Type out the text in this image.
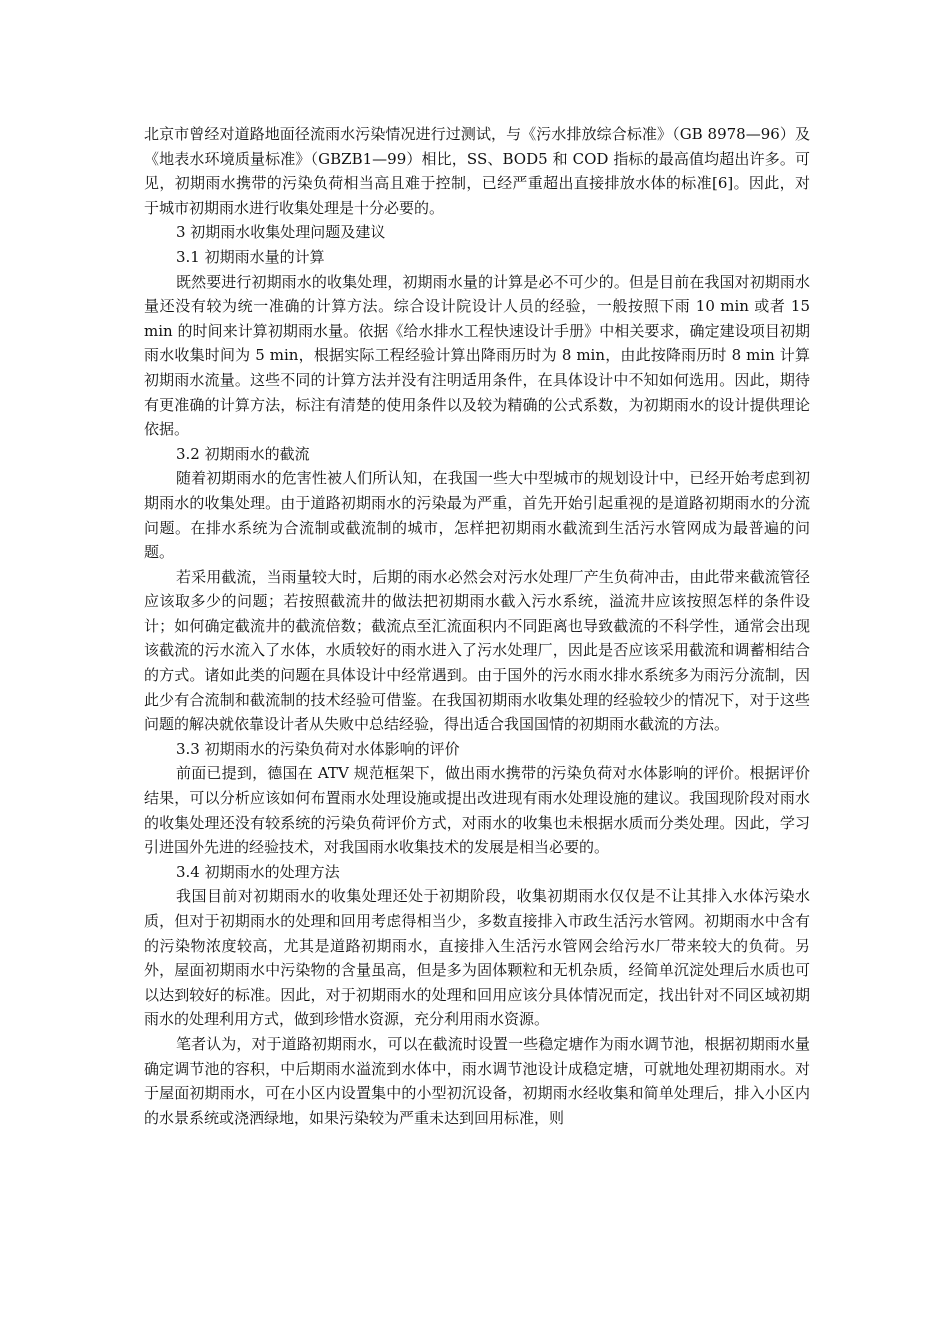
北京市曾经对道路地面径流雨水污染情况进行过测试，与《污水排放综合标准》（GB 8978—96）及《地表水环境质量标准》（GBZB1—99）相比，SS、BOD5 和 COD 指标的最高值均超出许多。可见，初期雨水携带的污染负荷相当高且难于控制，已经严重超出直接排放水体的标准[6]。因此，对于城市初期雨水进行收集处理是十分必要的。

3 初期雨水收集处理问题及建议

3.1 初期雨水量的计算

既然要进行初期雨水的收集处理，初期雨水量的计算是必不可少的。但是目前在我国对初期雨水量还没有较为统一准确的计算方法。综合设计院设计人员的经验，一般按照下雨 10 min 或者 15 min 的时间来计算初期雨水量。依据《给水排水工程快速设计手册》中相关要求，确定建设项目初期雨水收集时间为 5 min，根据实际工程经验计算出降雨历时为 8 min，由此按降雨历时 8 min 计算初期雨水流量。这些不同的计算方法并没有注明适用条件，在具体设计中不知如何选用。因此，期待有更准确的计算方法，标注有清楚的使用条件以及较为精确的公式系数，为初期雨水的设计提供理论依据。

3.2 初期雨水的截流

随着初期雨水的危害性被人们所认知，在我国一些大中型城市的规划设计中，已经开始考虑到初期雨水的收集处理。由于道路初期雨水的污染最为严重，首先开始引起重视的是道路初期雨水的分流问题。在排水系统为合流制或截流制的城市，怎样把初期雨水截流到生活污水管网成为最普遍的问题。

若采用截流，当雨量较大时，后期的雨水必然会对污水处理厂产生负荷冲击，由此带来截流管径应该取多少的问题；若按照截流井的做法把初期雨水截入污水系统，溢流井应该按照怎样的条件设计；如何确定截流井的截流倍数；截流点至汇流面积内不同距离也导致截流的不科学性，通常会出现该截流的污水流入了水体，水质较好的雨水进入了污水处理厂，因此是否应该采用截流和调蓄相结合的方式。诸如此类的问题在具体设计中经常遇到。由于国外的污水雨水排水系统多为雨污分流制，因此少有合流制和截流制的技术经验可借鉴。在我国初期雨水收集处理的经验较少的情况下，对于这些问题的解决就依靠设计者从失败中总结经验，得出适合我国国情的初期雨水截流的方法。

3.3 初期雨水的污染负荷对水体影响的评价

前面已提到，德国在 ATV 规范框架下，做出雨水携带的污染负荷对水体影响的评价。根据评价结果，可以分析应该如何布置雨水处理设施或提出改进现有雨水处理设施的建议。我国现阶段对雨水的收集处理还没有较系统的污染负荷评价方式，对雨水的收集也未根据水质而分类处理。因此，学习引进国外先进的经验技术，对我国雨水收集技术的发展是相当必要的。

3.4 初期雨水的处理方法

我国目前对初期雨水的收集处理还处于初期阶段，收集初期雨水仅仅是不让其排入水体污染水质，但对于初期雨水的处理和回用考虑得相当少，多数直接排入市政生活污水管网。初期雨水中含有的污染物浓度较高，尤其是道路初期雨水，直接排入生活污水管网会给污水厂带来较大的负荷。另外，屋面初期雨水中污染物的含量虽高，但是多为固体颗粒和无机杂质，经简单沉淀处理后水质也可以达到较好的标准。因此，对于初期雨水的处理和回用应该分具体情况而定，找出针对不同区域初期雨水的处理利用方式，做到珍惜水资源，充分利用雨水资源。

笔者认为，对于道路初期雨水，可以在截流时设置一些稳定塘作为雨水调节池，根据初期雨水量确定调节池的容积，中后期雨水溢流到水体中，雨水调节池设计成稳定塘，可就地处理初期雨水。对于屋面初期雨水，可在小区内设置集中的小型初沉设备，初期雨水经收集和简单处理后，排入小区内的水景系统或浇洒绿地，如果污染较为严重未达到回用标准，则
